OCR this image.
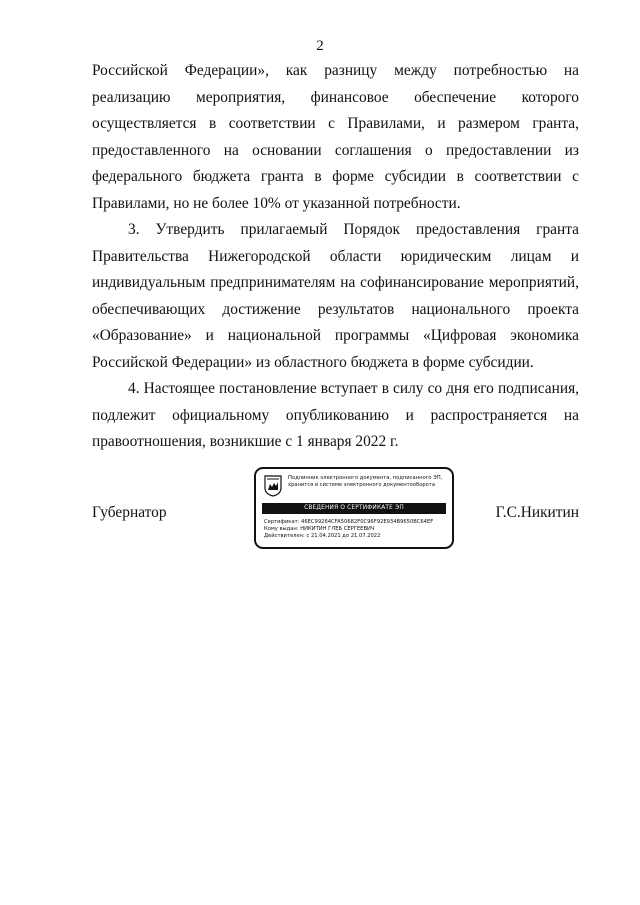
2

Российской Федерации», как разницу между потребностью на реализацию мероприятия, финансовое обеспечение которого осуществляется в соответствии с Правилами, и размером гранта, предоставленного на основании соглашения о предоставлении из федерального бюджета гранта в форме субсидии в соответствии с Правилами, но не более 10% от указанной потребности.

3. Утвердить прилагаемый Порядок предоставления гранта Правительства Нижегородской области юридическим лицам и индивидуальным предпринимателям на софинансирование мероприятий, обеспечивающих достижение результатов национального проекта «Образование» и национальной программы «Цифровая экономика Российской Федерации» из областного бюджета в форме субсидии.

4. Настоящее постановление вступает в силу со дня его подписания, подлежит официальному опубликованию и распространяется на правоотношения, возникшие с 1 января 2022 г.

Губернатор
Подлинник электронного документа, подписанного ЭП,
хранится в системе электронного документооборота
СВЕДЕНИЯ О СЕРТИФИКАТЕ ЭП
Сертификат: 46EC99264CFA50682F0C96F92E934B9650BC64EF
Кому выдан: НИКИТИН ГЛЕБ СЕРГЕЕВИЧ
Действителен: с 21.04.2021 до 21.07.2022
Г.С.Никитин
